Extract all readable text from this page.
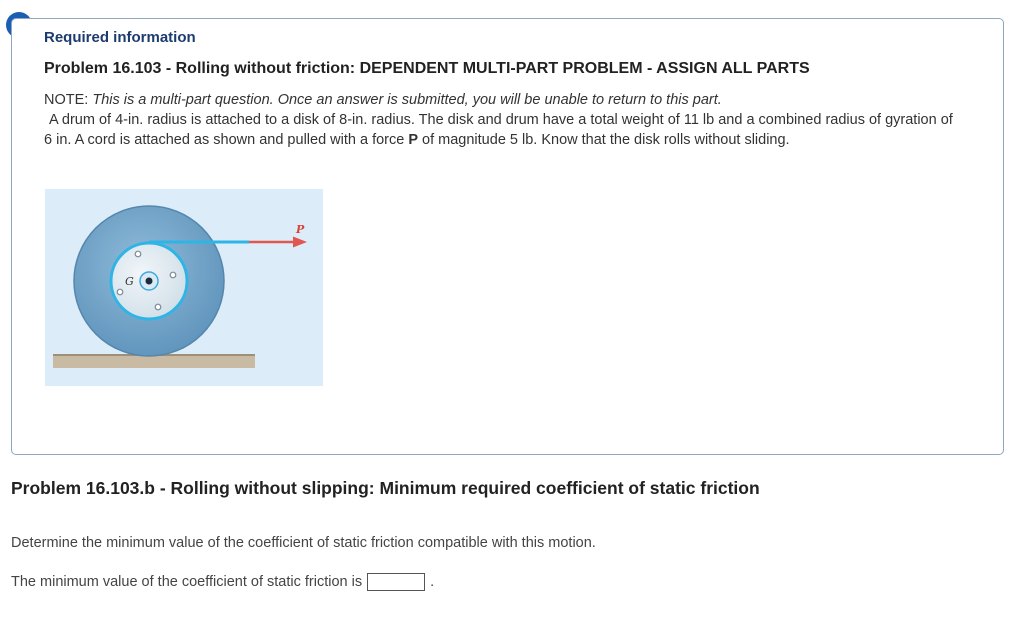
Required information
Problem 16.103 - Rolling without friction: DEPENDENT MULTI-PART PROBLEM - ASSIGN ALL PARTS

NOTE: This is a multi-part question. Once an answer is submitted, you will be unable to return to this part.

A drum of 4-in. radius is attached to a disk of 8-in. radius. The disk and drum have a total weight of 11 lb and a combined radius of gyration of 6 in. A cord is attached as shown and pulled with a force P of magnitude 5 lb. Know that the disk rolls without sliding.

P
G
Problem 16.103.b - Rolling without slipping: Minimum required coefficient of static friction

Determine the minimum value of the coefficient of static friction compatible with this motion.

The minimum value of the coefficient of static friction is	.
